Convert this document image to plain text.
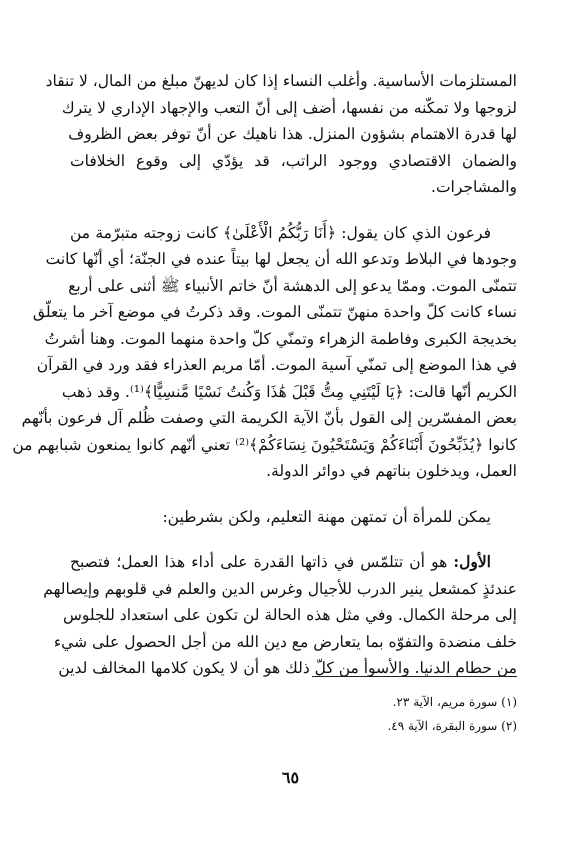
المستلزمات الأساسية. وأغلب النساء إذا كان لديهنّ مبلغ من المال، لا تنقاد
لزوجها ولا تمكّنه من نفسها، أضف إلى أنّ التعب والإجهاد الإداري لا يترك
لها قدرة الاهتمام بشؤون المنزل. هذا ناهيك عن أنّ توفر بعض الظروف
والضمان الاقتصادي ووجود الراتب، قد يؤدّي إلى وقوع الخلافات
والمشاجرات.
فرعون الذي كان يقول: ﴿أَنَا رَبُّكُمُ الْأَعْلَىٰ﴾ كانت زوجته متبرّمة من
وجودها في البلاط وتدعو الله أن يجعل لها بيتاً عنده في الجنّة؛ أي أنّها كانت
تتمنّى الموت. وممّا يدعو إلى الدهشة أنّ خاتم الأنبياء ﷺ أثنى على أربع
نساء كانت كلّ واحدة منهنّ تتمنّى الموت. وقد ذكرتُ في موضع آخر ما يتعلّق
بخديجة الكبرى وفاطمة الزهراء وتمنّي كلّ واحدة منهما الموت. وهنا أشرتُ
في هذا الموضع إلى تمنّي آسية الموت. أمّا مريم العذراء فقد ورد في القرآن
الكريم أنّها قالت: ﴿يَا لَيْتَنِي مِتُّ قَبْلَ هَٰذَا وَكُنتُ نَسْيًا مَّنسِيًّا﴾⁽¹⁾. وقد ذهب
بعض المفسّرين إلى القول بأنّ الآية الكريمة التي وصفت ظُلم آل فرعون بأنّهم
كانوا ﴿يُذَبِّحُونَ أَبْنَاءَكُمْ وَيَسْتَحْيُونَ نِسَاءَكُمْ﴾⁽²⁾ تعني أنّهم كانوا يمنعون شبابهم من
العمل، ويدخلون بناتهم في دوائر الدولة.
يمكن للمرأة أن تمتهن مهنة التعليم، ولكن بشرطين:
الأول: هو أن تتلمّس في ذاتها القدرة على أداء هذا العمل؛ فتصبح
عندئذٍ كمشعل ينير الدرب للأجيال وغرس الدين والعلم في قلوبهم وإيصالهم
إلى مرحلة الكمال. وفي مثل هذه الحالة لن تكون على استعداد للجلوس
خلف منضدة والتفوّه بما يتعارض مع دين الله من أجل الحصول على شيء
من حطام الدنيا. والأسوأ من كلّ ذلك هو أن لا يكون كلامها المخالف لدين
(١) سورة مريم، الآية ٢٣.
(٢) سورة البقرة، الآية ٤٩.
٦٥
